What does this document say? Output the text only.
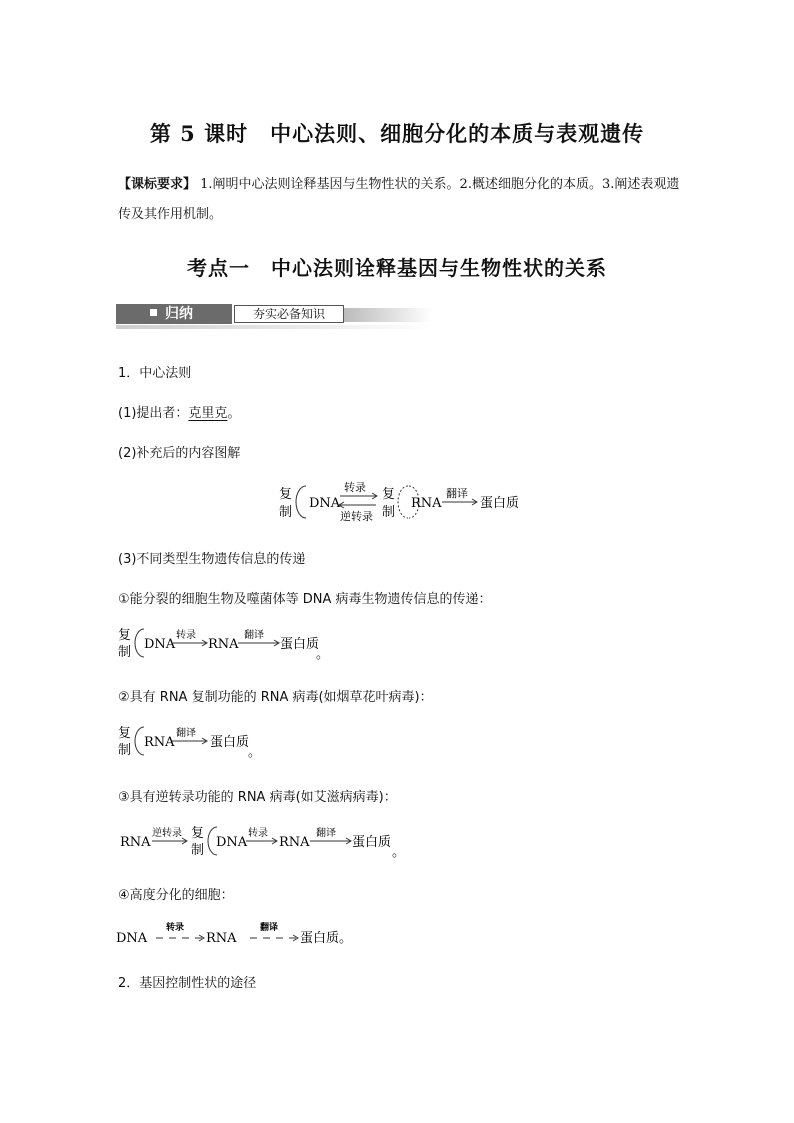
第 5 课时　中心法则、细胞分化的本质与表观遗传
【课标要求】 1.阐明中心法则诠释基因与生物性状的关系。2.概述细胞分化的本质。3.阐述表观遗传及其作用机制。
考点一　中心法则诠释基因与生物性状的关系
归纳	夯实必备知识
1．中心法则
(1)提出者：克里克。
(2)补充后的内容图解
复
制
DNA
转录
逆转录
复
制
RNA
翻译
蛋白质
(3)不同类型生物遗传信息的传递
①能分裂的细胞生物及噬菌体等 DNA 病毒生物遗传信息的传递：
复
制
DNA
转录
RNA
翻译
蛋白质
。
②具有 RNA 复制功能的 RNA 病毒(如烟草花叶病毒)：
复
制
RNA
翻译
蛋白质
。
③具有逆转录功能的 RNA 病毒(如艾滋病病毒)：
RNA
逆转录 复
制
DNA
转录
RNA
翻译
蛋白质
。
④高度分化的细胞：
DNA
转录
RNA
翻译
蛋白质 。
2．基因控制性状的途径
